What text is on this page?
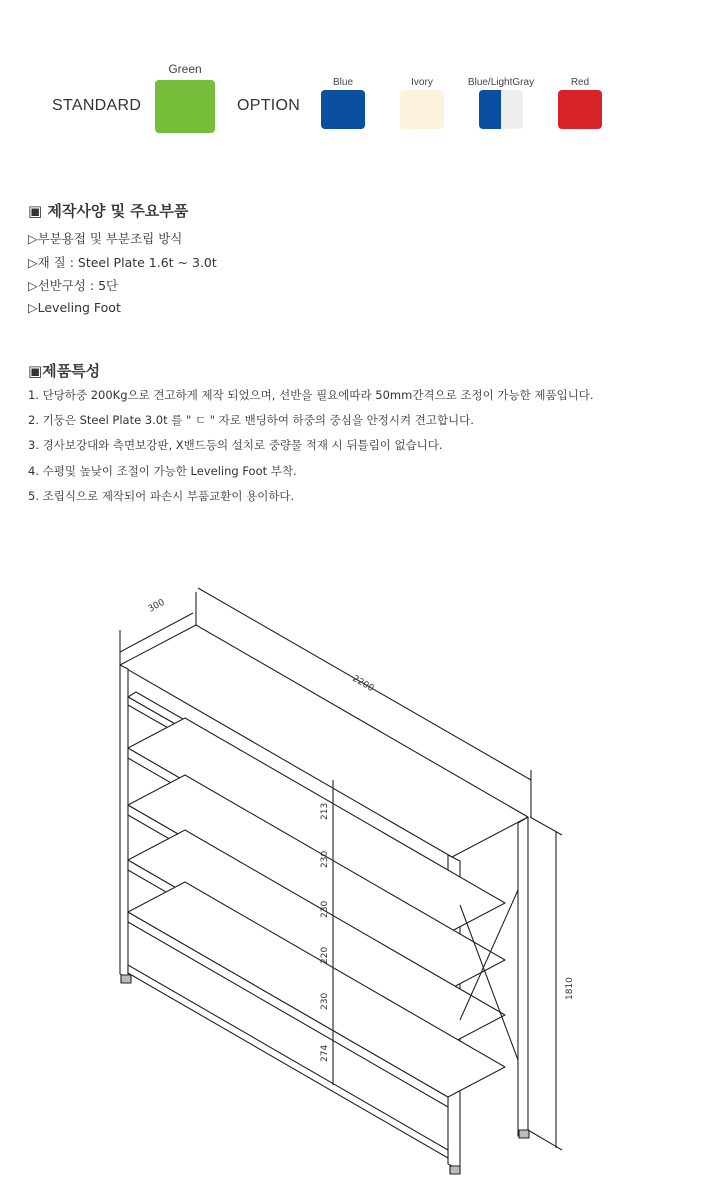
STANDARD
Green
OPTION
Blue	Ivory	Blue/LightGray	Red
▣ 제작사양 및 주요부품
▷부분용접 및 부분조립 방식
▷재 질 : Steel Plate 1.6t ~ 3.0t
▷선반구성 : 5단
▷Leveling Foot
▣제품특성
1. 단당하중 200Kg으로 견고하게 제작 되었으며, 선반을 필요에따라 50mm간격으로 조정이 가능한 제품입니다.
2. 기둥은 Steel Plate 3.0t 를 " ㄷ " 자로 밴딩하여 하중의 중심을 안정시켜 견고합니다.
3. 경사보강대와 측면보강판, X밴드등의 설치로 중량물 적재 시 뒤틀림이 없습니다.
4. 수평및 높낮이 조절이 가능한 Leveling Foot 부착.
5. 조립식으로 제작되어 파손시 부품교환이 용이하다.
300
2200
1810
213
230
230
220
230
274
